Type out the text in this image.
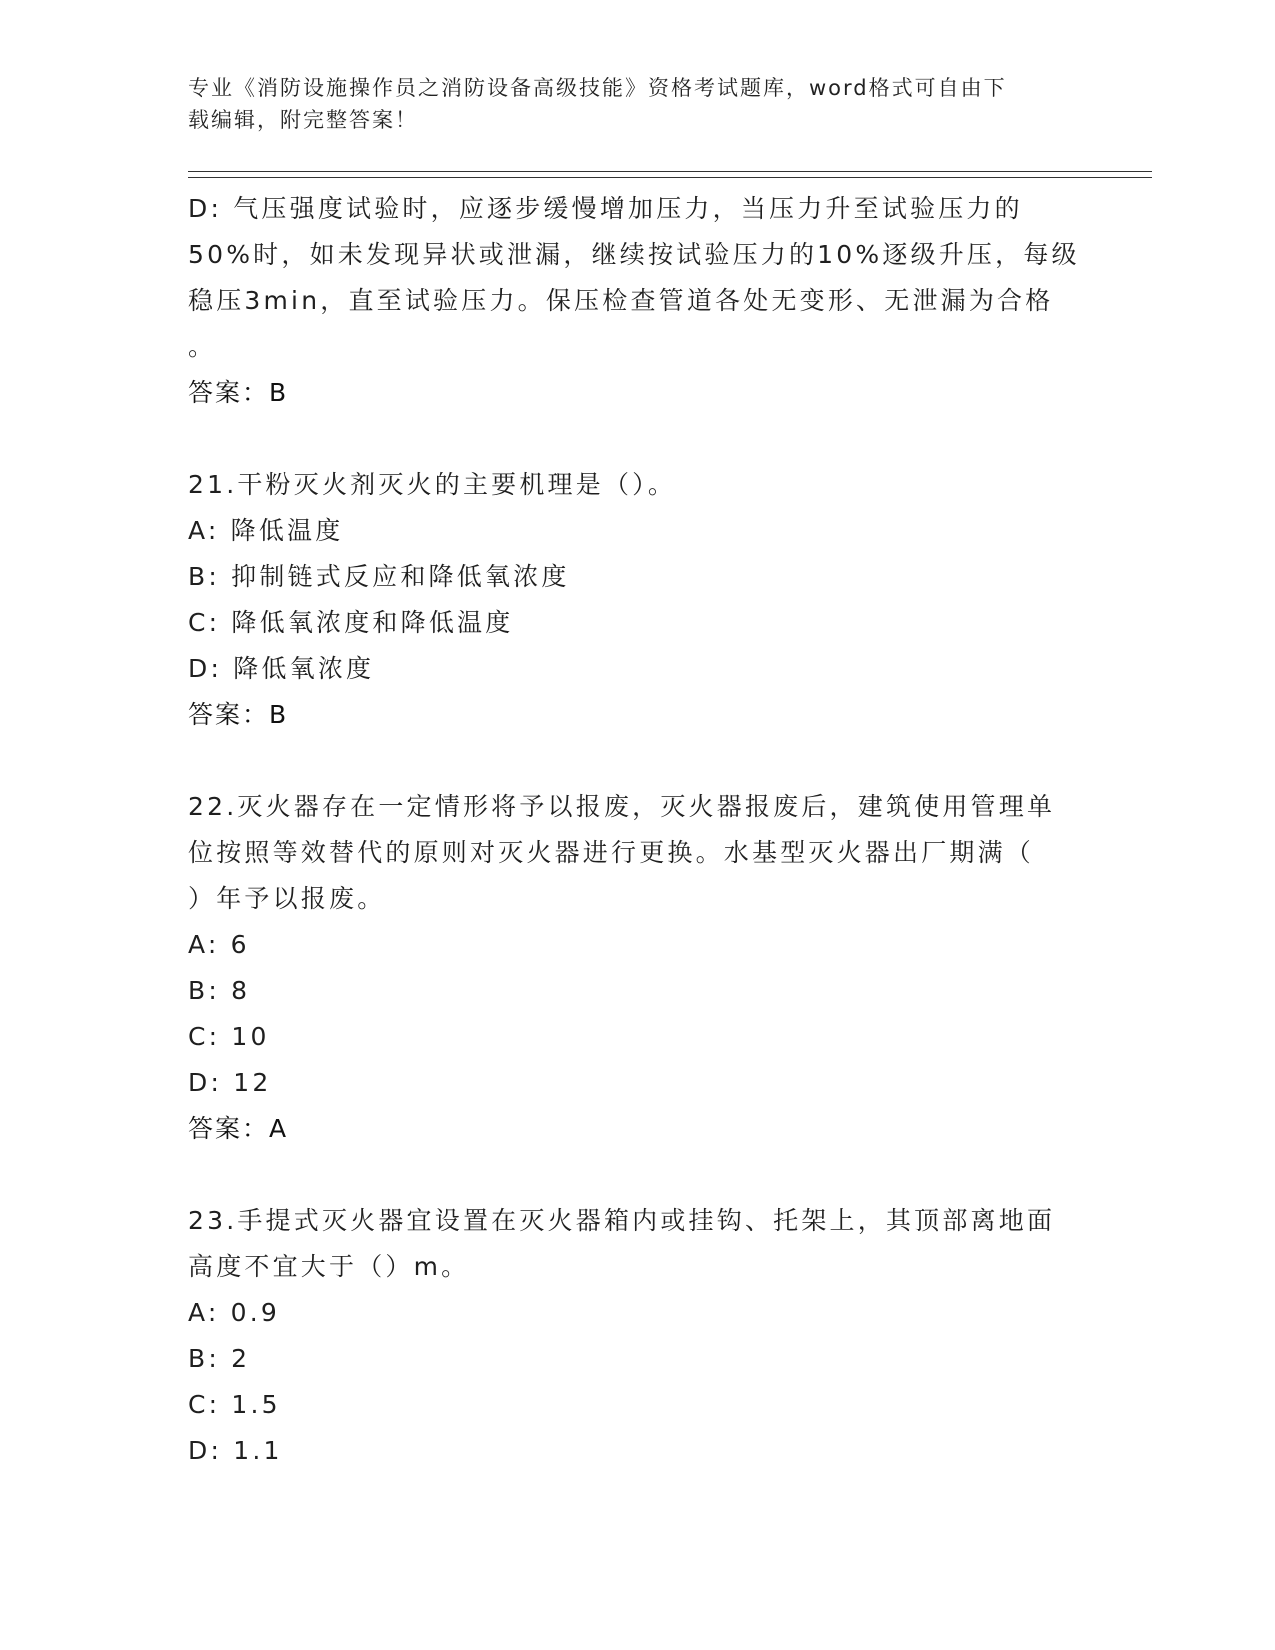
专业《消防设施操作员之消防设备高级技能》资格考试题库，word格式可自由下
载编辑，附完整答案！
D: 气压强度试验时，应逐步缓慢增加压力，当压力升至试验压力的
50%时，如未发现异状或泄漏，继续按试验压力的10%逐级升压，每级
稳压3min，直至试验压力。保压检查管道各处无变形、无泄漏为合格
。
答案：B
21.干粉灭火剂灭火的主要机理是（）。
A: 降低温度
B: 抑制链式反应和降低氧浓度
C: 降低氧浓度和降低温度
D: 降低氧浓度
答案：B
22.灭火器存在一定情形将予以报废，灭火器报废后，建筑使用管理单
位按照等效替代的原则对灭火器进行更换。水基型灭火器出厂期满（
）年予以报废。
A: 6
B: 8
C: 10
D: 12
答案：A
23.手提式灭火器宜设置在灭火器箱内或挂钩、托架上，其顶部离地面
高度不宜大于（）m。
A: 0.9
B: 2
C: 1.5
D: 1.1
